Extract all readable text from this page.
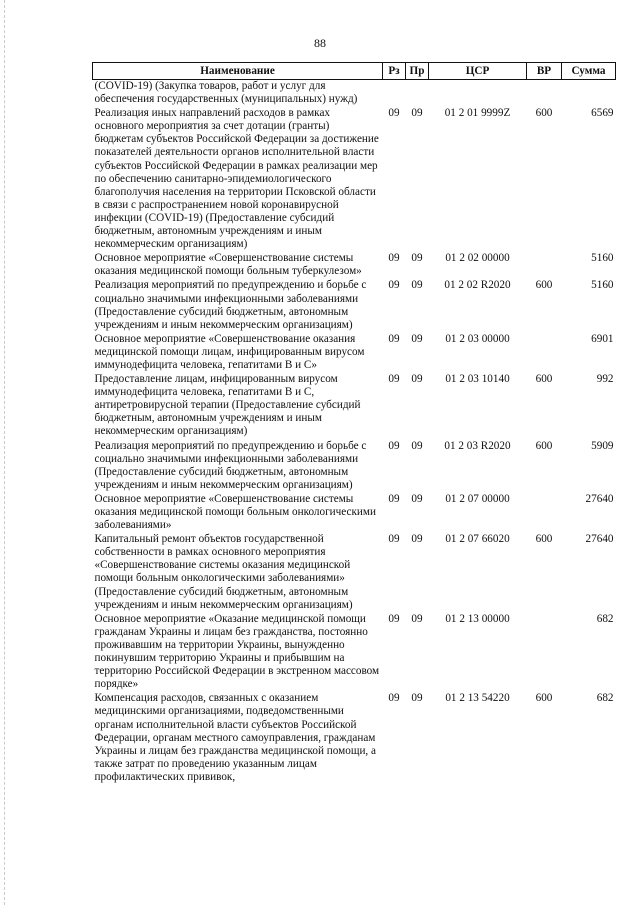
88
Наименование	Рз	Пр	ЦСР	ВР	Сумма
(COVID-19) (Закупка товаров, работ и услуг для обеспечения государственных (муниципальных) нужд)					
Реализация иных направлений расходов в рамках основного мероприятия за счет дотации (гранты) бюджетам субъектов Российской Федерации за достижение показателей деятельности органов исполнительной власти субъектов Российской Федерации в рамках реализации мер по обеспечению санитарно-эпидемиологического благополучия населения на территории Псковской области в связи с распространением новой коронавирусной инфекции (COVID-19) (Предоставление субсидий бюджетным, автономным учреждениям и иным некоммерческим организациям)	09	09	01 2 01 9999Z	600	6569
Основное мероприятие «Совершенствование системы оказания медицинской помощи больным туберкулезом»	09	09	01 2 02 00000		5160
Реализация мероприятий по предупреждению и борьбе с социально значимыми инфекционными заболеваниями (Предоставление субсидий бюджетным, автономным учреждениям и иным некоммерческим организациям)	09	09	01 2 02 R2020	600	5160
Основное мероприятие «Совершенствование оказания медицинской помощи лицам, инфицированным вирусом иммунодефицита человека, гепатитами В и С»	09	09	01 2 03 00000		6901
Предоставление лицам, инфицированным вирусом иммунодефицита человека, гепатитами В и С, антиретровирусной терапии (Предоставление субсидий бюджетным, автономным учреждениям и иным некоммерческим организациям)	09	09	01 2 03 10140	600	992
Реализация мероприятий по предупреждению и борьбе с социально значимыми инфекционными заболеваниями (Предоставление субсидий бюджетным, автономным учреждениям и иным некоммерческим организациям)	09	09	01 2 03 R2020	600	5909
Основное мероприятие «Совершенствование системы оказания медицинской помощи больным онкологическими заболеваниями»	09	09	01 2 07 00000		27640
Капитальный ремонт объектов государственной собственности в рамках основного мероприятия «Совершенствование системы оказания медицинской помощи больным онкологическими заболеваниями» (Предоставление субсидий бюджетным, автономным учреждениям и иным некоммерческим организациям)	09	09	01 2 07 66020	600	27640
Основное мероприятие «Оказание медицинской помощи гражданам Украины и лицам без гражданства, постоянно проживавшим на территории Украины, вынужденно покинувшим территорию Украины и прибывшим на территорию Российской Федерации в экстренном массовом порядке»	09	09	01 2 13 00000		682
Компенсация расходов, связанных с оказанием медицинскими организациями, подведомственными органам исполнительной власти субъектов Российской Федерации, органам местного самоуправления, гражданам Украины и лицам без гражданства медицинской помощи, а также затрат по проведению указанным лицам профилактических прививок,	09	09	01 2 13 54220	600	682
